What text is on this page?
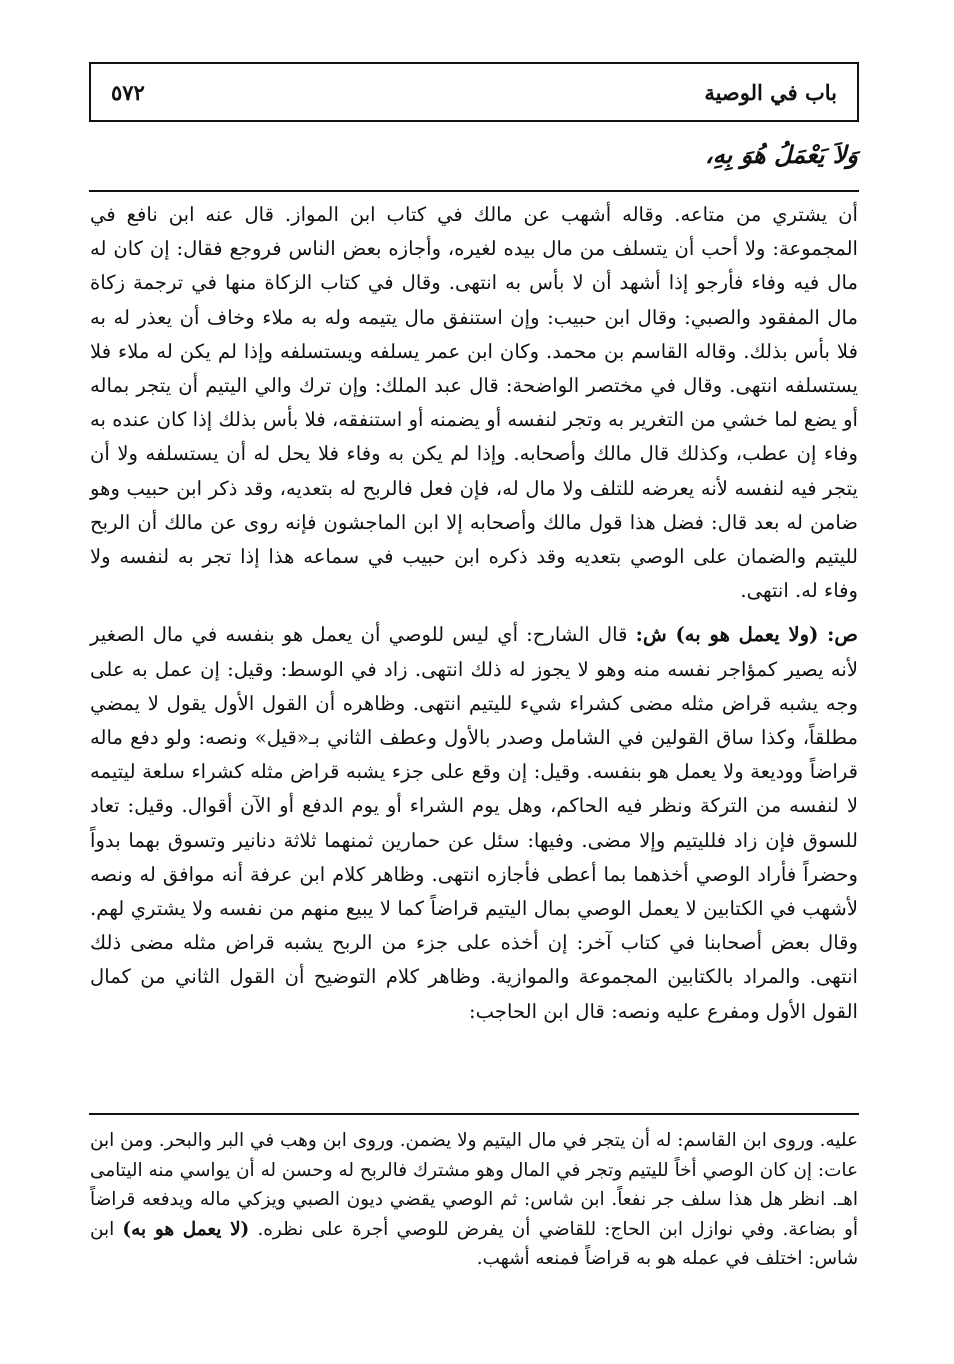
باب في الوصية
٥٧٢
وَلاَ يَعْمَلُ هُوَ بِهِ،

أن يشتري من متاعه. وقاله أشهب عن مالك في كتاب ابن المواز. قال عنه ابن نافع في المجموعة: ولا أحب أن يتسلف من مال بيده لغيره، وأجازه بعض الناس فروجع فقال: إن كان له مال فيه وفاء فأرجو إذا أشهد أن لا بأس به انتهى. وقال في كتاب الزكاة منها في ترجمة زكاة مال المفقود والصبي: وقال ابن حبيب: وإن استنفق مال يتيمه وله به ملاء وخاف أن يعذر له به فلا بأس بذلك. وقاله القاسم بن محمد. وكان ابن عمر يسلفه ويستسلفه وإذا لم يكن له ملاء فلا يستسلفه انتهى. وقال في مختصر الواضحة: قال عبد الملك: وإن ترك والي اليتيم أن يتجر بماله أو يضع لما خشي من التغرير به وتجر لنفسه أو يضمنه أو استنفقه، فلا بأس بذلك إذا كان عنده به وفاء إن عطب، وكذلك قال مالك وأصحابه. وإذا لم يكن به وفاء فلا يحل له أن يستسلفه ولا أن يتجر فيه لنفسه لأنه يعرضه للتلف ولا مال له، فإن فعل فالربح له بتعديه، وقد ذكر ابن حبيب وهو ضامن له بعد قال: فضل هذا قول مالك وأصحابه إلا ابن الماجشون فإنه روى عن مالك أن الربح لليتيم والضمان على الوصي بتعديه وقد ذكره ابن حبيب في سماعه هذا إذا تجر به لنفسه ولا وفاء له. انتهى.

ص: (ولا يعمل هو به) ش: قال الشارح: أي ليس للوصي أن يعمل هو بنفسه في مال الصغير لأنه يصير كمؤاجر نفسه منه وهو لا يجوز له ذلك انتهى. زاد في الوسط: وقيل: إن عمل به على وجه يشبه قراض مثله مضى كشراء شيء لليتيم انتهى. وظاهره أن القول الأول يقول لا يمضي مطلقاً، وكذا ساق القولين في الشامل وصدر بالأول وعطف الثاني بـ«قيل» ونصه: ولو دفع ماله قراضاً ووديعة ولا يعمل هو بنفسه. وقيل: إن وقع على جزء يشبه قراض مثله كشراء سلعة ليتيمه لا لنفسه من التركة ونظر فيه الحاكم، وهل يوم الشراء أو يوم الدفع أو الآن أقوال. وقيل: تعاد للسوق فإن زاد فلليتيم وإلا مضى. وفيها: سئل عن حمارين ثمنهما ثلاثة دنانير وتسوق بهما بدواً وحضراً فأراد الوصي أخذهما بما أعطى فأجازه انتهى. وظاهر كلام ابن عرفة أنه موافق له ونصه لأشهب في الكتابين لا يعمل الوصي بمال اليتيم قراضاً كما لا يبيع منهم من نفسه ولا يشتري لهم. وقال بعض أصحابنا في كتاب آخر: إن أخذه على جزء من الربح يشبه قراض مثله مضى ذلك انتهى. والمراد بالكتابين المجموعة والموازية. وظاهر كلام التوضيح أن القول الثاني من كمال القول الأول ومفرع عليه ونصه: قال ابن الحاجب:

عليه. وروى ابن القاسم: له أن يتجر في مال اليتيم ولا يضمن. وروى ابن وهب في البر والبحر. ومن ابن عات: إن كان الوصي أخاً لليتيم وتجر في المال وهو مشترك فالربح له وحسن له أن يواسي منه اليتامى اهـ. انظر هل هذا سلف جر نفعاً. ابن شاس: ثم الوصي يقضي ديون الصبي ويزكي ماله ويدفعه قراضاً أو بضاعة. وفي نوازل ابن الحاج: للقاضي أن يفرض للوصي أجرة على نظره. (لا يعمل هو به) ابن شاس: اختلف في عمله هو به قراضاً فمنعه أشهب.
